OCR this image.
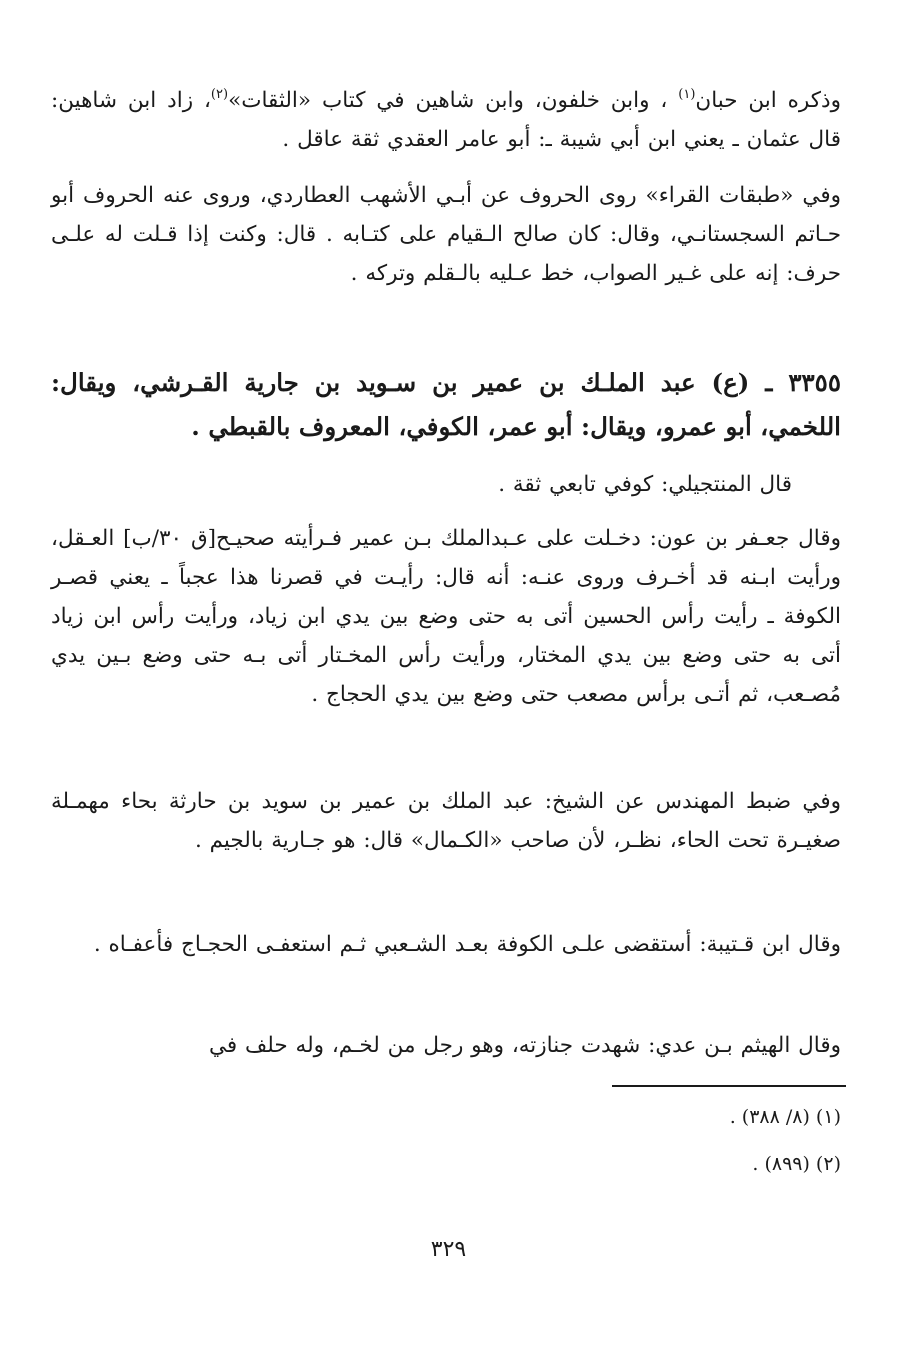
وذكره ابن حبان$^{(١)}$ ، وابن خلفون، وابن شاهين في كتاب «الثقات»$^{(٢)}$، زاد ابن شاهين: قال عثمان ـ يعني ابن أبي شيبة ـ: أبو عامر العقدي ثقة عاقل .

وفي «طبقات القراء» روى الحروف عن أبـي الأشهب العطاردي، وروى عنه الحروف أبو حـاتم السجستانـي، وقال: كان صالح الـقيام على كتـابه . قال: وكنت إذا قـلت له علـى حرف: إنه على غـير الصواب، خط عـليه بالـقلم وتركه .

٣٣٥٥ ـ (ع) عبد الملـك بن عمير بن سـويد بن جارية القـرشي، ويقال: اللخمي، أبو عمرو، ويقال: أبو عمر، الكوفي، المعروف بالقبطي .

قال المنتجيلي: كوفي تابعي ثقة .

وقال جعـفر بن عون: دخـلت على عـبدالملك بـن عمير فـرأيته صحيـح[ق ٣٠/ب] العـقل، ورأيت ابـنه قد أخـرف وروى عنـه: أنه قال: رأيـت في قصرنا هذا عجباً ـ يعني قصـر الكوفة ـ رأيت رأس الحسين أتى به حتى وضع بين يدي ابن زياد، ورأيت رأس ابن زياد أتى به حتى وضع بين يدي المختار، ورأيت رأس المخـتار أتى بـه حتى وضع بـين يدي مُصـعب، ثم أتـى برأس مصعب حتى وضع بين يدي الحجاج .

وفي ضبط المهندس عن الشيخ: عبد الملك بن عمير بن سويد بن حارثة بحاء مهمـلة صغيـرة تحت الحاء، نظـر، لأن صاحب «الكـمال» قال: هو جـارية بالجيم .

وقال ابن قـتيبة: أستقضى علـى الكوفة بعـد الشـعبي ثـم استعفـى الحجـاج فأعفـاه .

وقال الهيثم بـن عدي: شهدت جنازته، وهو رجل من لخـم، وله حلف في

(١) (٨/ ٣٨٨) .
(٢) (٨٩٩) .
٣٢٩
